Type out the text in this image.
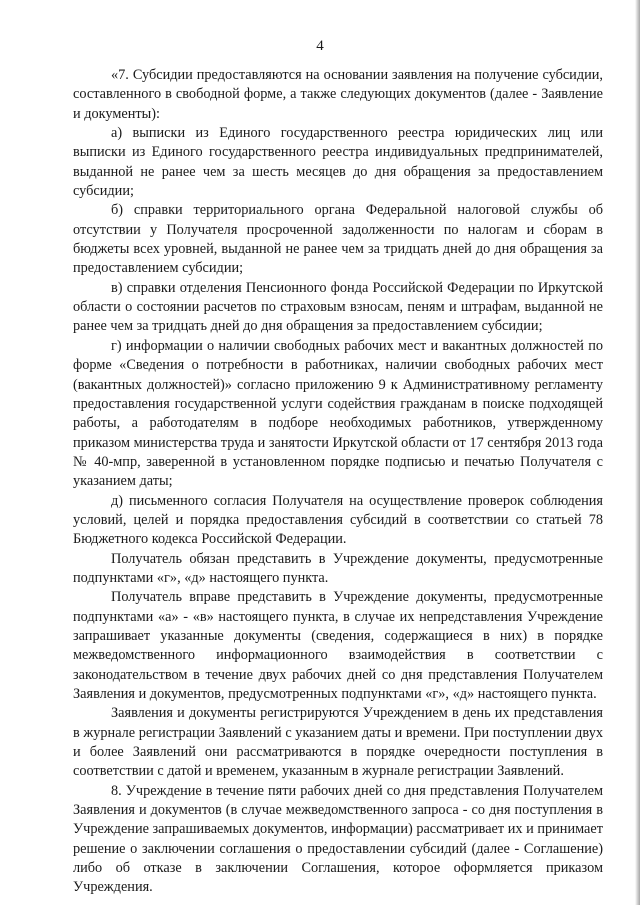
4

«7. Субсидии предоставляются на основании заявления на получение субсидии, составленного в свободной форме, а также следующих документов (далее - Заявление и документы):

а) выписки из Единого государственного реестра юридических лиц или выписки из Единого государственного реестра индивидуальных предпринимателей, выданной не ранее чем за шесть месяцев до дня обращения за предоставлением субсидии;

б) справки территориального органа Федеральной налоговой службы об отсутствии у Получателя просроченной задолженности по налогам и сборам в бюджеты всех уровней, выданной не ранее чем за тридцать дней до дня обращения за предоставлением субсидии;

в) справки отделения Пенсионного фонда Российской Федерации по Иркутской области о состоянии расчетов по страховым взносам, пеням и штрафам, выданной не ранее чем за тридцать дней до дня обращения за предоставлением субсидии;

г) информации о наличии свободных рабочих мест и вакантных должностей по форме «Сведения о потребности в работниках, наличии свободных рабочих мест (вакантных должностей)» согласно приложению 9 к Административному регламенту предоставления государственной услуги содействия гражданам в поиске подходящей работы, а работодателям в подборе необходимых работников, утвержденному приказом министерства труда и занятости Иркутской области от 17 сентября 2013 года № 40-мпр, заверенной в установленном порядке подписью и печатью Получателя с указанием даты;

д) письменного согласия Получателя на осуществление проверок соблюдения условий, целей и порядка предоставления субсидий в соответствии со статьей 78 Бюджетного кодекса Российской Федерации.

Получатель обязан представить в Учреждение документы, предусмотренные подпунктами «г», «д» настоящего пункта.

Получатель вправе представить в Учреждение документы, предусмотренные подпунктами «а» - «в» настоящего пункта, в случае их непредставления Учреждение запрашивает указанные документы (сведения, содержащиеся в них) в порядке межведомственного информационного взаимодействия в соответствии с законодательством в течение двух рабочих дней со дня представления Получателем Заявления и документов, предусмотренных подпунктами «г», «д» настоящего пункта.

Заявления и документы регистрируются Учреждением в день их представления в журнале регистрации Заявлений с указанием даты и времени. При поступлении двух и более Заявлений они рассматриваются в порядке очередности поступления в соответствии с датой и временем, указанным в журнале регистрации Заявлений.

8. Учреждение в течение пяти рабочих дней со дня представления Получателем Заявления и документов (в случае межведомственного запроса - со дня поступления в Учреждение запрашиваемых документов, информации) рассматривает их и принимает решение о заключении соглашения о предоставлении субсидий (далее - Соглашение) либо об отказе в заключении Соглашения, которое оформляется приказом Учреждения.
